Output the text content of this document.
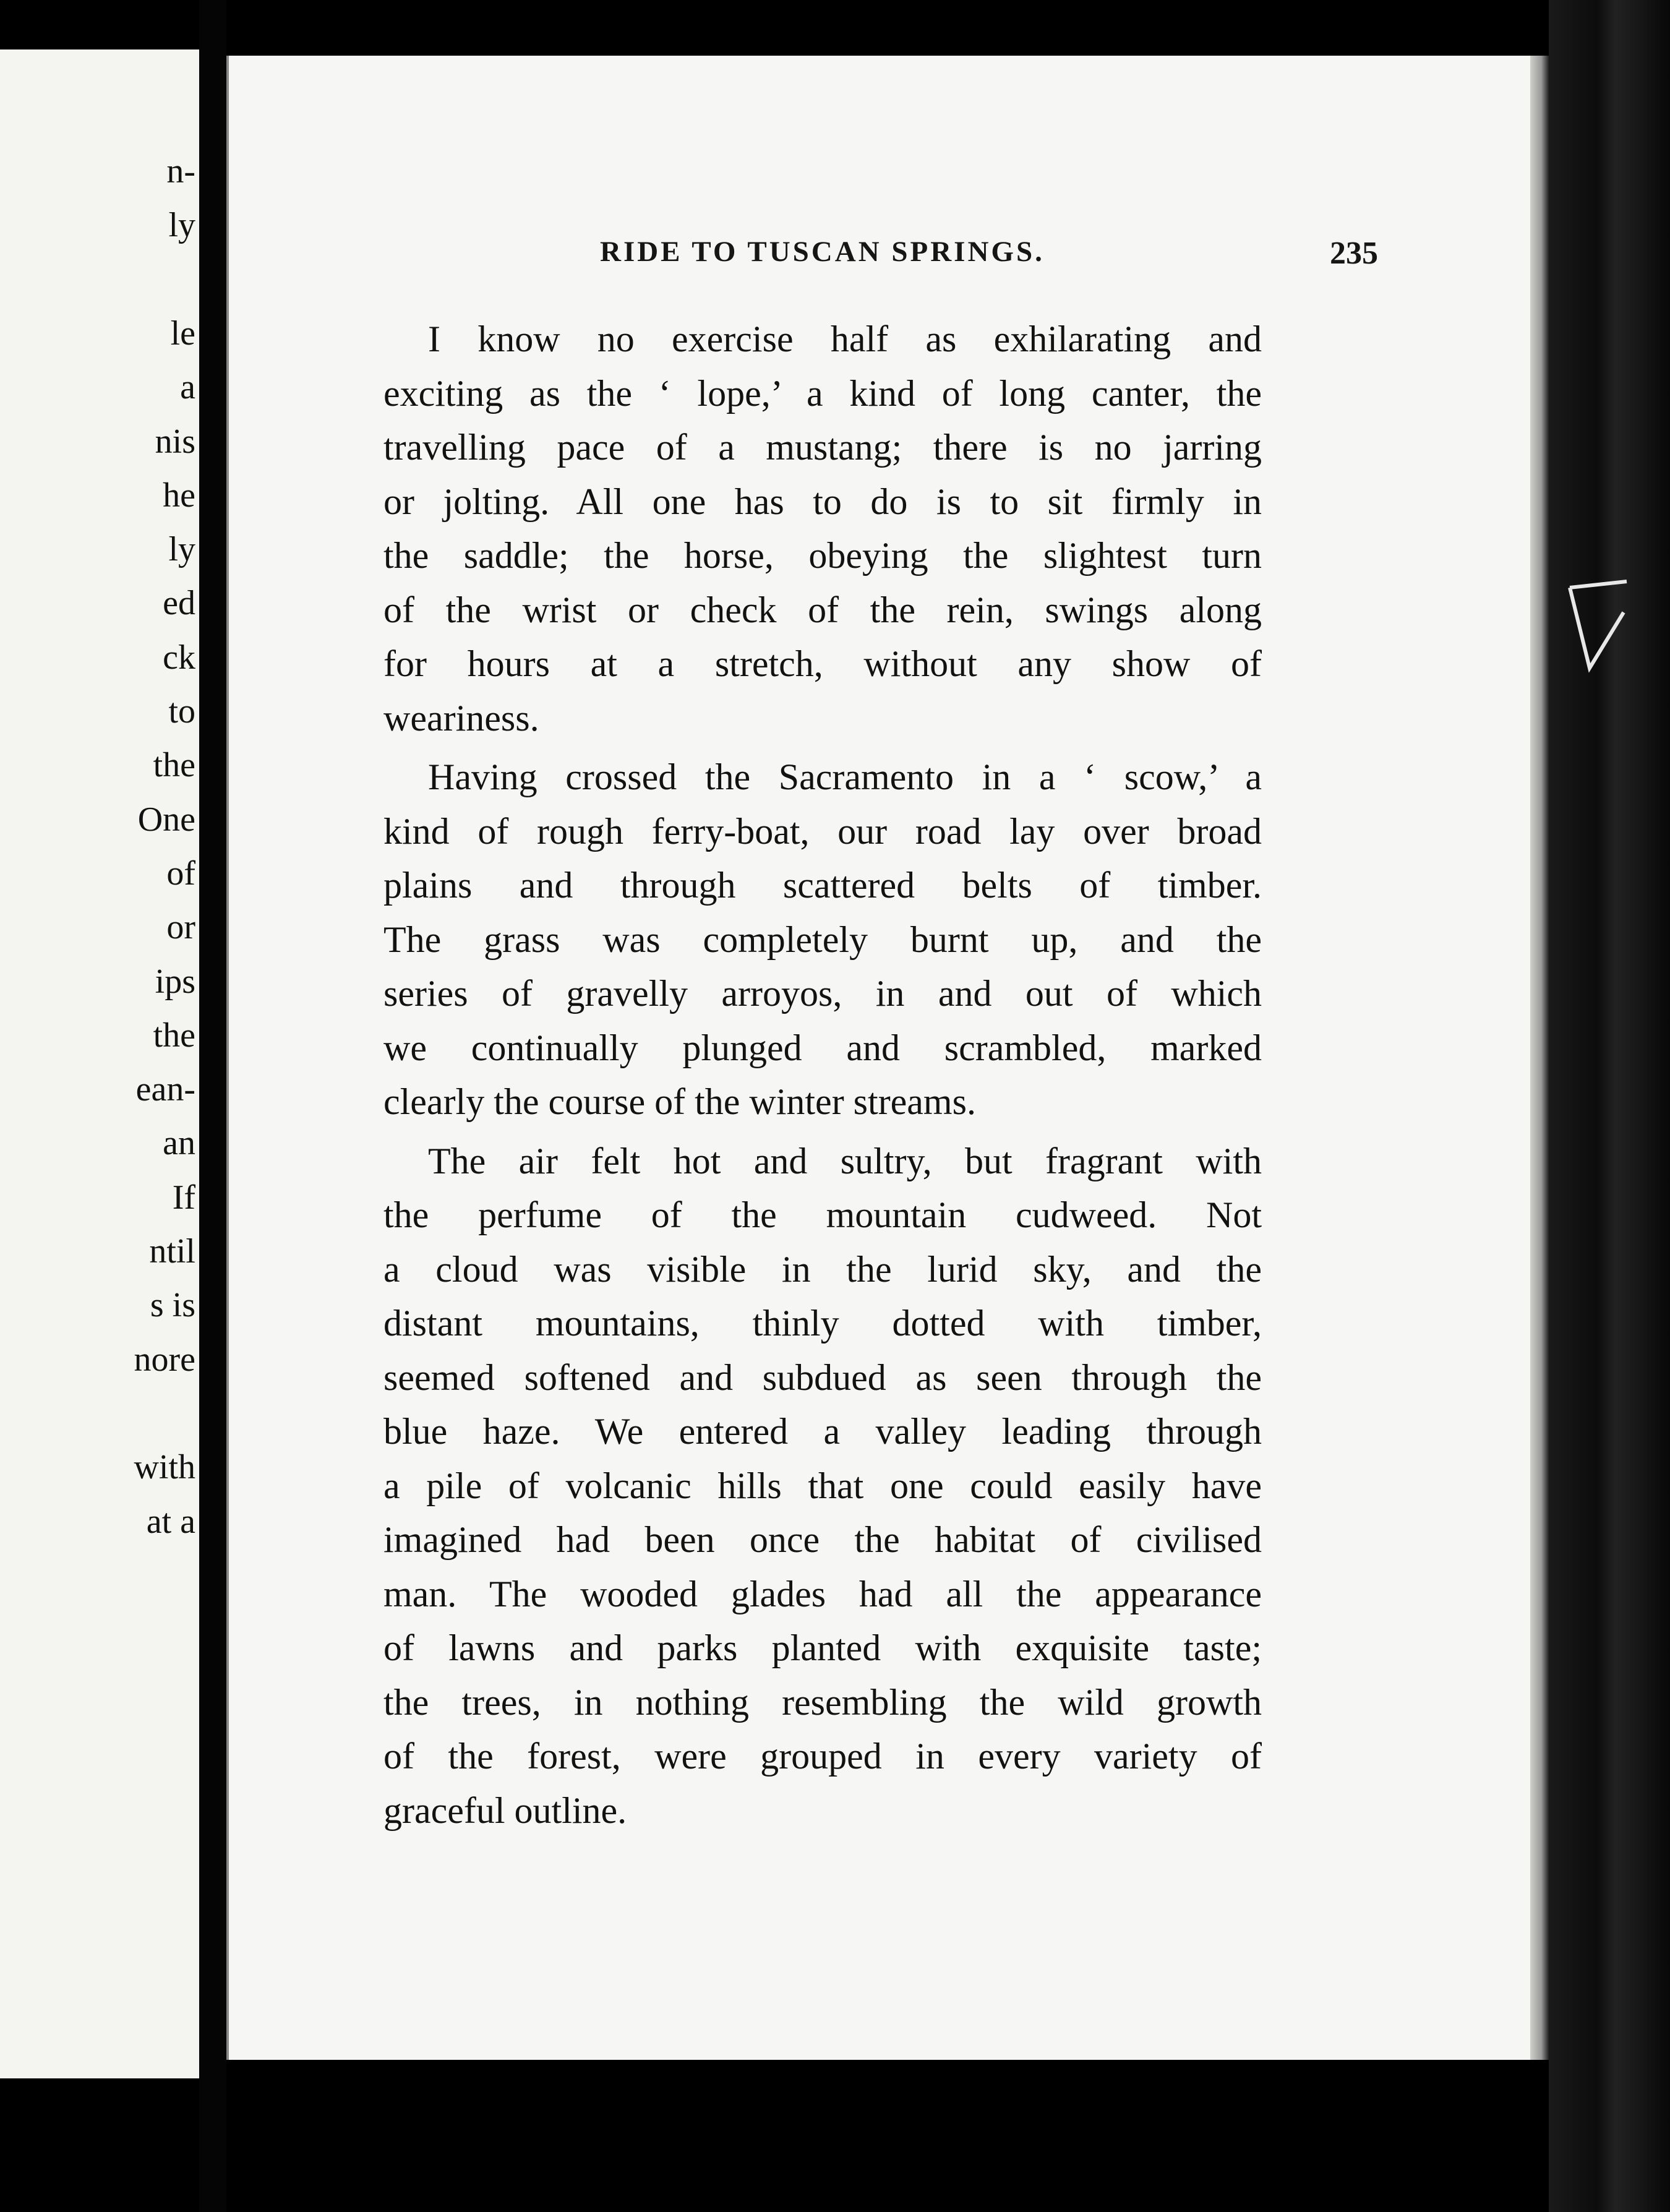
n-
ly
le
a
nis
he
ly
ed
ck
to
the
One
of
or
ips
the
ean-
an
If
ntil
s is
nore
with
at a
RIDE TO TUSCAN SPRINGS.	235
I know no exercise half as exhilarating and
exciting as the ‘ lope,’ a kind of long canter, the
travelling pace of a mustang; there is no jarring
or jolting. All one has to do is to sit firmly in
the saddle; the horse, obeying the slightest turn
of the wrist or check of the rein, swings along
for hours at a stretch, without any show of
weariness.
Having crossed the Sacramento in a ‘ scow,’ a
kind of rough ferry-boat, our road lay over broad
plains and through scattered belts of timber.
The grass was completely burnt up, and the
series of gravelly arroyos, in and out of which
we continually plunged and scrambled, marked
clearly the course of the winter streams.
The air felt hot and sultry, but fragrant with
the perfume of the mountain cudweed. Not
a cloud was visible in the lurid sky, and the
distant mountains, thinly dotted with timber,
seemed softened and subdued as seen through the
blue haze. We entered a valley leading through
a pile of volcanic hills that one could easily have
imagined had been once the habitat of civilised
man. The wooded glades had all the appearance
of lawns and parks planted with exquisite taste;
the trees, in nothing resembling the wild growth
of the forest, were grouped in every variety of
graceful outline.
